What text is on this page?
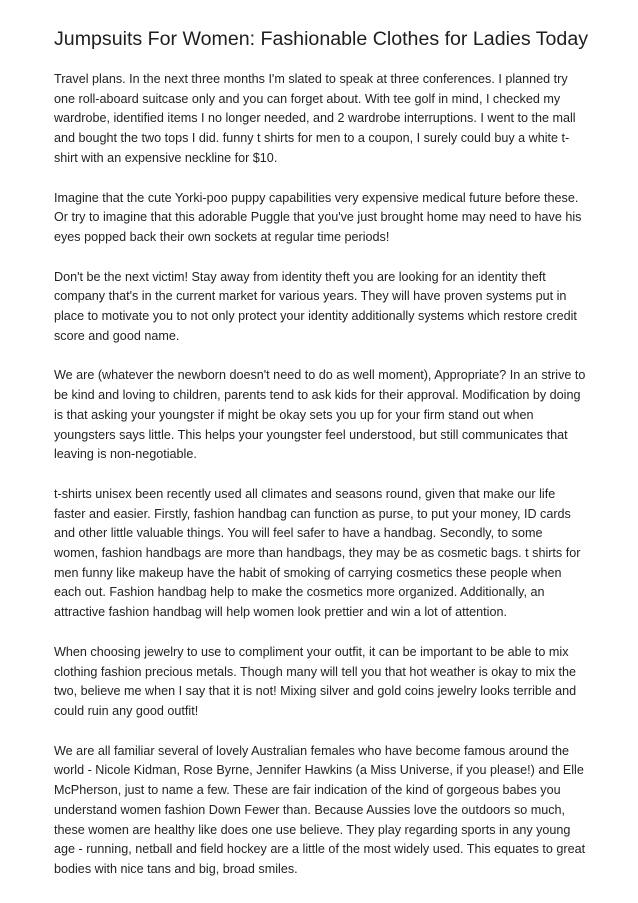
Jumpsuits For Women: Fashionable Clothes for Ladies Today

Travel plans. In the next three months I'm slated to speak at three conferences. I planned try one roll-aboard suitcase only and you can forget about. With tee golf in mind, I checked my wardrobe, identified items I no longer needed, and 2 wardrobe interruptions. I went to the mall and bought the two tops I did. funny t shirts for men to a coupon, I surely could buy a white t-shirt with an expensive neckline for $10.

Imagine that the cute Yorki-poo puppy capabilities very expensive medical future before these. Or try to imagine that this adorable Puggle that you've just brought home may need to have his eyes popped back their own sockets at regular time periods!

Don't be the next victim! Stay away from identity theft you are looking for an identity theft company that's in the current market for various years. They will have proven systems put in place to motivate you to not only protect your identity additionally systems which restore credit score and good name.

We are (whatever the newborn doesn't need to do as well moment), Appropriate? In an strive to be kind and loving to children, parents tend to ask kids for their approval. Modification by doing is that asking your youngster if might be okay sets you up for your firm stand out when youngsters says little. This helps your youngster feel understood, but still communicates that leaving is non-negotiable.

t-shirts unisex been recently used all climates and seasons round, given that make our life faster and easier. Firstly, fashion handbag can function as purse, to put your money, ID cards and other little valuable things. You will feel safer to have a handbag. Secondly, to some women, fashion handbags are more than handbags, they may be as cosmetic bags. t shirts for men funny like makeup have the habit of smoking of carrying cosmetics these people when each out. Fashion handbag help to make the cosmetics more organized. Additionally, an attractive fashion handbag will help women look prettier and win a lot of attention.

When choosing jewelry to use to compliment your outfit, it can be important to be able to mix clothing fashion precious metals. Though many will tell you that hot weather is okay to mix the two, believe me when I say that it is not! Mixing silver and gold coins jewelry looks terrible and could ruin any good outfit!

We are all familiar several of lovely Australian females who have become famous around the world - Nicole Kidman, Rose Byrne, Jennifer Hawkins (a Miss Universe, if you please!) and Elle McPherson, just to name a few. These are fair indication of the kind of gorgeous babes you understand women fashion Down Fewer than. Because Aussies love the outdoors so much, these women are healthy like does one use believe. They play regarding sports in any young age - running, netball and field hockey are a little of the most widely used. This equates to great bodies with nice tans and big, broad smiles.
